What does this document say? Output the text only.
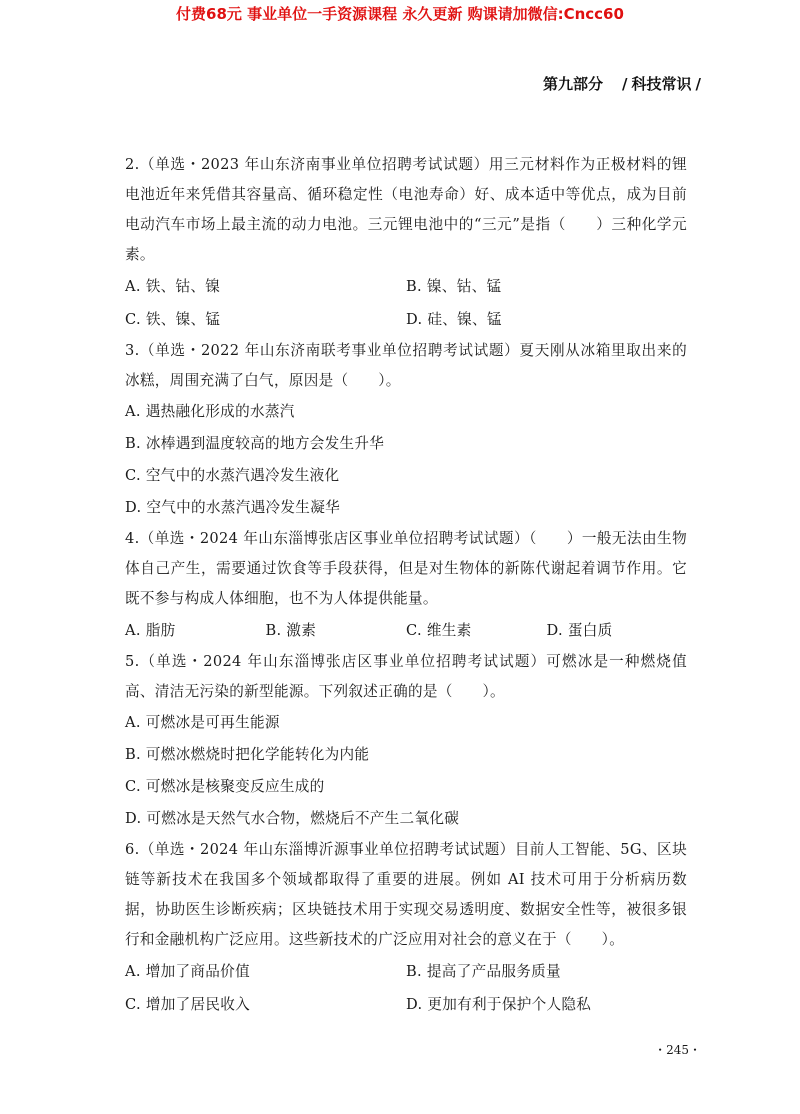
付费68元 事业单位一手资源课程 永久更新 购课请加微信:Cncc60
第九部分　/ 科技常识 /

2.（单选・2023 年山东济南事业单位招聘考试试题）用三元材料作为正极材料的锂电池近年来凭借其容量高、循环稳定性（电池寿命）好、成本适中等优点，成为目前电动汽车市场上最主流的动力电池。三元锂电池中的“三元”是指（　　）三种化学元素。

A. 铁、钴、镍	B. 镍、钴、锰
C. 铁、镍、锰	D. 硅、镍、锰

3.（单选・2022 年山东济南联考事业单位招聘考试试题）夏天刚从冰箱里取出来的冰糕，周围充满了白气，原因是（　　）。

A. 遇热融化形成的水蒸汽
B. 冰棒遇到温度较高的地方会发生升华
C. 空气中的水蒸汽遇冷发生液化
D. 空气中的水蒸汽遇冷发生凝华

4.（单选・2024 年山东淄博张店区事业单位招聘考试试题）（　　）一般无法由生物体自己产生，需要通过饮食等手段获得，但是对生物体的新陈代谢起着调节作用。它既不参与构成人体细胞，也不为人体提供能量。

A. 脂肪	B. 激素	C. 维生素	D. 蛋白质

5.（单选・2024 年山东淄博张店区事业单位招聘考试试题）可燃冰是一种燃烧值高、清洁无污染的新型能源。下列叙述正确的是（　　）。

A. 可燃冰是可再生能源
B. 可燃冰燃烧时把化学能转化为内能
C. 可燃冰是核聚变反应生成的
D. 可燃冰是天然气水合物，燃烧后不产生二氧化碳

6.（单选・2024 年山东淄博沂源事业单位招聘考试试题）目前人工智能、5G、区块链等新技术在我国多个领域都取得了重要的进展。例如 AI 技术可用于分析病历数据，协助医生诊断疾病；区块链技术用于实现交易透明度、数据安全性等，被很多银行和金融机构广泛应用。这些新技术的广泛应用对社会的意义在于（　　）。

A. 增加了商品价值	B. 提高了产品服务质量
C. 增加了居民收入	D. 更加有利于保护个人隐私
・245・
